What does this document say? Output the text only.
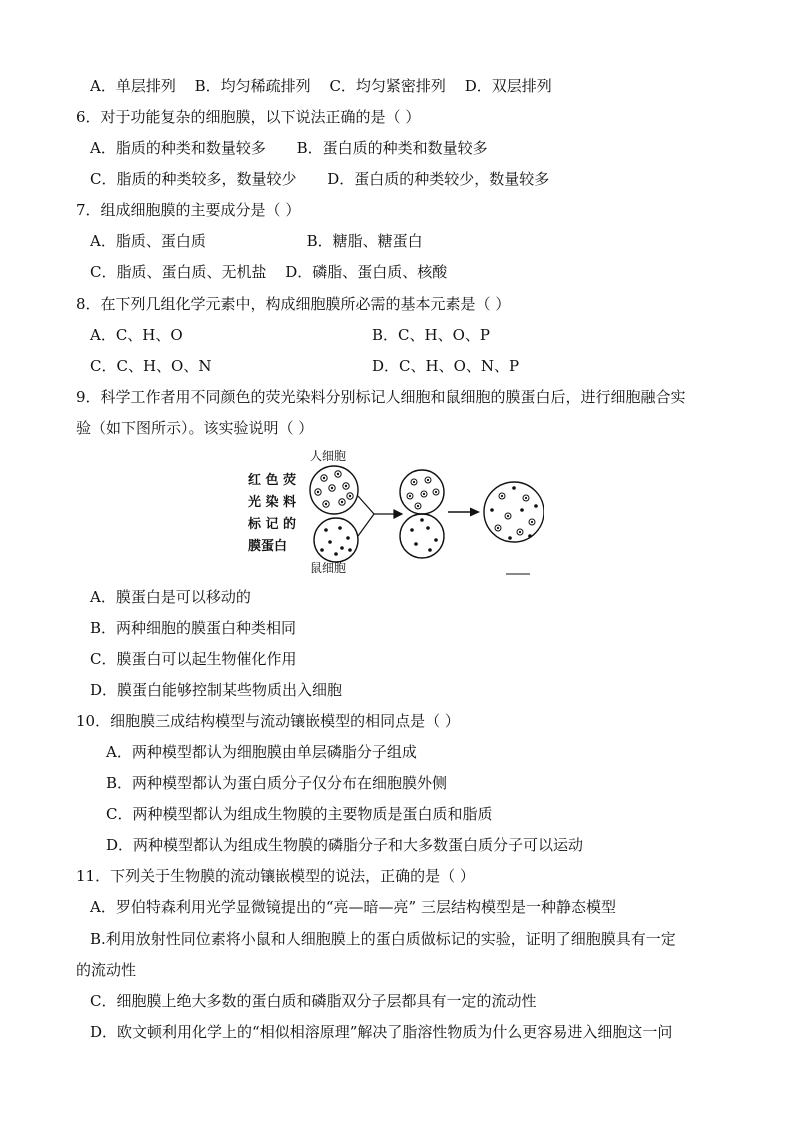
A．单层排列 B．均匀稀疏排列 C．均匀紧密排列 D．双层排列
6．对于功能复杂的细胞膜，以下说法正确的是（ ）
A．脂质的种类和数量较多 B．蛋白质的种类和数量较多
C．脂质的种类较多，数量较少 D．蛋白质的种类较少，数量较多
7．组成细胞膜的主要成分是（ ）
A．脂质、蛋白质	B．糖脂、糖蛋白
C．脂质、蛋白质、无机盐 D．磷脂、蛋白质、核酸
8．在下列几组化学元素中，构成细胞膜所必需的基本元素是（ ）
A．C、H、O	B．C、H、O、P
C．C、H、O、N	D．C、H、O、N、P
9．科学工作者用不同颜色的荧光染料分别标记人细胞和鼠细胞的膜蛋白后，进行细胞融合实
验（如下图所示）。该实验说明（ ）
人细胞
红 色 荧
光 染 料
标 记 的
膜蛋白
鼠细胞
A．膜蛋白是可以移动的
B．两种细胞的膜蛋白种类相同
C．膜蛋白可以起生物催化作用
D．膜蛋白能够控制某些物质出入细胞
10．细胞膜三成结构模型与流动镶嵌模型的相同点是（ ）
A．两种模型都认为细胞膜由单层磷脂分子组成
B．两种模型都认为蛋白质分子仅分布在细胞膜外侧
C．两种模型都认为组成生物膜的主要物质是蛋白质和脂质
D．两种模型都认为组成生物膜的磷脂分子和大多数蛋白质分子可以运动
11．下列关于生物膜的流动镶嵌模型的说法，正确的是（ ）
A．罗伯特森利用光学显微镜提出的“亮—暗—亮” 三层结构模型是一种静态模型
B.利用放射性同位素将小鼠和人细胞膜上的蛋白质做标记的实验，证明了细胞膜具有一定
的流动性
C．细胞膜上绝大多数的蛋白质和磷脂双分子层都具有一定的流动性
D．欧文顿利用化学上的“相似相溶原理”解决了脂溶性物质为什么更容易进入细胞这一问
